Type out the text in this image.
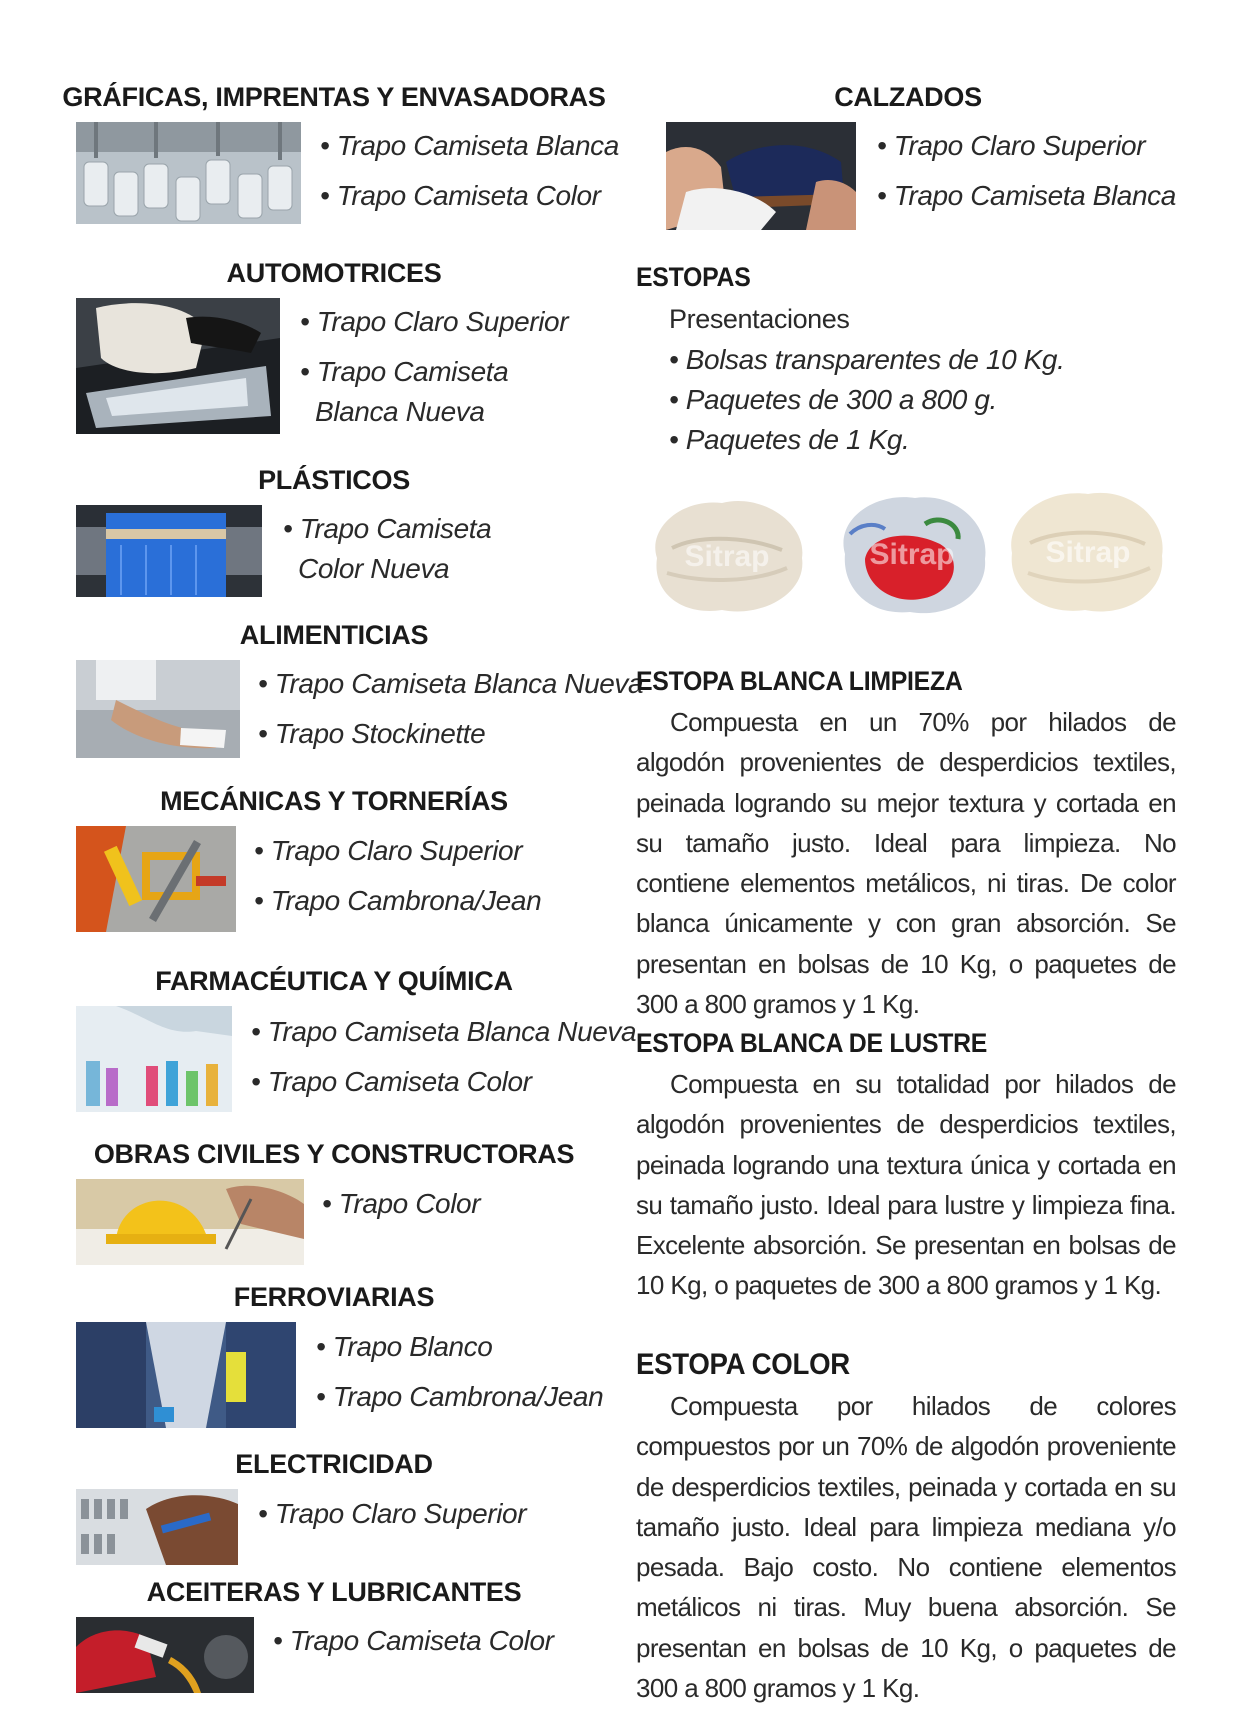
GRÁFICAS, IMPRENTAS Y ENVASADORAS
• Trapo Camiseta Blanca
• Trapo Camiseta Color
AUTOMOTRICES
• Trapo Claro Superior
• Trapo Camiseta
Blanca Nueva
PLÁSTICOS
• Trapo Camiseta
Color Nueva
ALIMENTICIAS
• Trapo Camiseta Blanca Nueva
• Trapo Stockinette
MECÁNICAS Y TORNERÍAS
• Trapo Claro Superior
• Trapo Cambrona/Jean
FARMACÉUTICA Y QUÍMICA
• Trapo Camiseta Blanca Nueva
• Trapo Camiseta Color
OBRAS CIVILES Y CONSTRUCTORAS
• Trapo Color
FERROVIARIAS
• Trapo Blanco
• Trapo Cambrona/Jean
ELECTRICIDAD
• Trapo Claro Superior
ACEITERAS Y LUBRICANTES
• Trapo Camiseta Color
CALZADOS
• Trapo Claro Superior
• Trapo Camiseta Blanca
ESTOPAS
Presentaciones
• Bolsas transparentes de 10 Kg.
• Paquetes de 300 a 800 g.
• Paquetes de 1 Kg.
Sitrap	Sitrap	Sitrap
ESTOPA BLANCA LIMPIEZA
Compuesta en un 70% por hilados de algodón provenientes de desperdicios textiles, peinada logrando su mejor textura y cortada en su tamaño justo. Ideal para limpieza. No contiene elementos metálicos, ni tiras. De color blanca únicamente y con gran absorción. Se presentan en bolsas de 10 Kg, o paquetes de 300 a 800 gramos y 1 Kg.
ESTOPA BLANCA DE LUSTRE
Compuesta en su totalidad por hilados de algodón provenientes de desperdicios textiles, peinada logrando una textura única y cortada en su tamaño justo. Ideal para lustre y limpieza fina. Excelente absorción. Se presentan en bolsas de 10 Kg, o paquetes de 300 a 800 gramos y 1 Kg.
ESTOPA COLOR
Compuesta por hilados de colores compuestos por un 70% de algodón proveniente de desperdicios textiles, peinada y cortada en su tamaño justo. Ideal para limpieza mediana y/o pesada. Bajo costo. No contiene elementos metálicos ni tiras. Muy buena absorción. Se presentan en bolsas de 10 Kg, o paquetes de 300 a 800 gramos y 1 Kg.
